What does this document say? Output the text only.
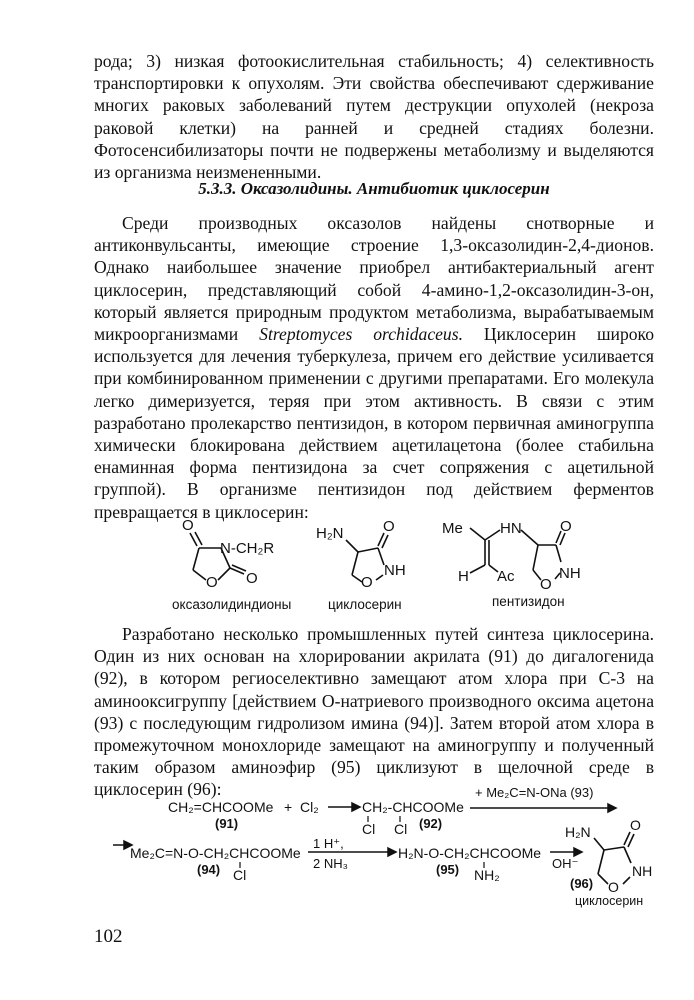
рода; 3) низкая фотоокислительная стабильность; 4) селективность транспортировки к опухолям. Эти свойства обеспечивают сдерживание многих раковых заболеваний путем деструкции опухолей (некроза раковой клетки) на ранней и средней стадиях болезни. Фотосенсибилизаторы почти не подвержены метаболизму и выделяются из организма неизмененными.

5.3.3. Оксазолидины. Антибиотик циклосерин

Среди производных оксазолов найдены снотворные и антиконвульсанты, имеющие строение 1,3-оксазолидин-2,4-дионов. Однако наибольшее значение приобрел антибактериальный агент циклосерин, представляющий собой 4-амино-1,2-оксазолидин-3-он, который является природным продуктом метаболизма, вырабатываемым микроорганизмами Streptomyces orchidaceus. Циклосерин широко используется для лечения туберкулеза, причем его действие усиливается при комбинированном применении с другими препаратами. Его молекула легко димеризуется, теряя при этом активность. В связи с этим разработано пролекарство пентизидон, в котором первичная аминогруппа химически блокирована действием ацетилацетона (более стабильна енаминная форма пентизидона за счет сопряжения с ацетильной группой). В организме пентизидон под действием ферментов превращается в циклосерин:

O
N-CH₂R
O O
оксазолидиндионы
H₂N	O
O
NH
циклосерин
Me HN	O
H Ac O
NH
пентизидон

Разработано несколько промышленных путей синтеза циклосерина. Один из них основан на хлорировании акрилата (91) до дигалогенида (92), в котором региоселективно замещают атом хлора при С-3 на аминооксигруппу [действием О-натриевого производного оксима ацетона (93) с последующим гидролизом имина (94)]. Затем второй атом хлора в промежуточном монохлориде замещают на аминогруппу и полученный таким образом аминоэфир (95) циклизуют в щелочной среде в циклосерин (96):

CH₂=CHCOOMe + Cl₂
(91)
CH₂-CHCOOMe
Cl Cl (92)
+ Me₂C=N-ONa (93)
Me₂C=N-O-CH₂CHCOOMe
(94) Cl
1 H⁺,
2 NH₃
H₂N-O-CH₂CHCOOMe
NH₂
(95)	OH⁻
H₂N	O
NH
O
(96)
циклосерин

102
